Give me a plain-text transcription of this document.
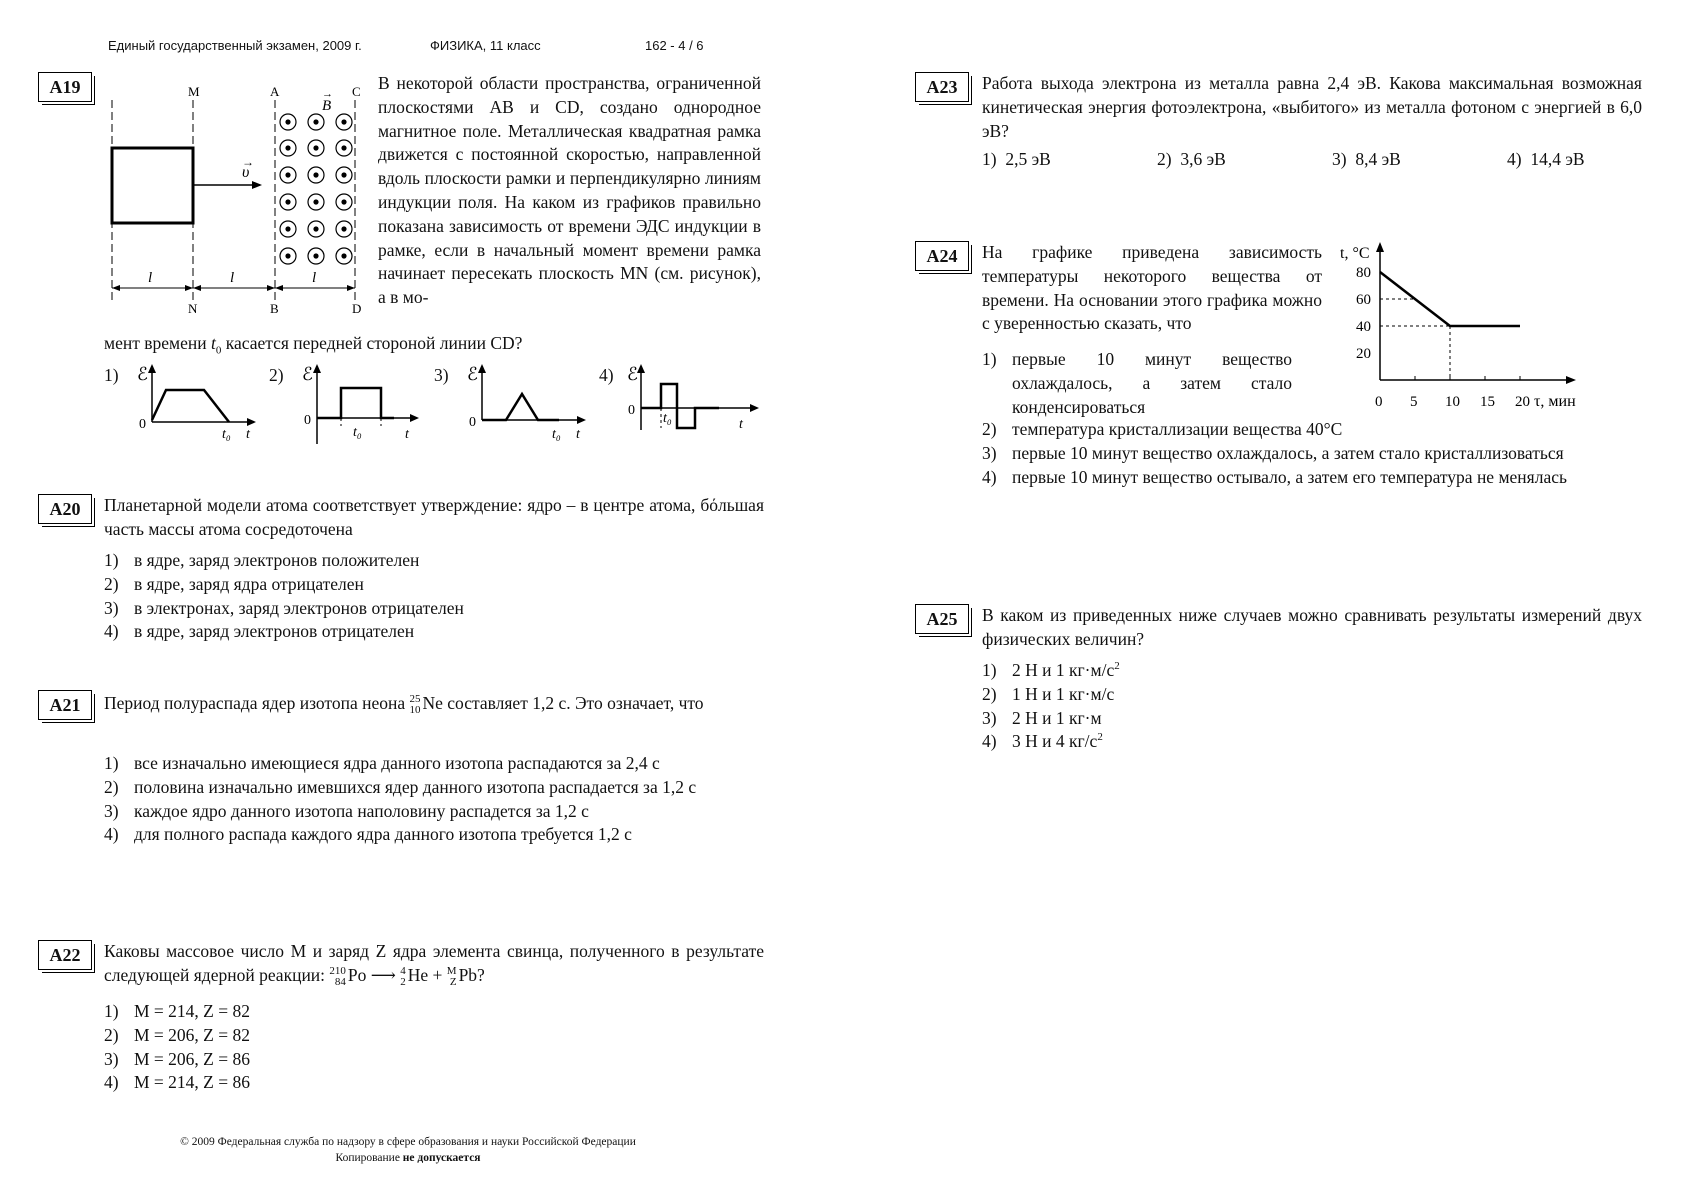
Единый государственный экзамен, 2009 г.	ФИЗИКА, 11 класс	162 - 4 / 6
A19
υ
→
M	A	C
N	B	D
B
→
l	l	l
В некоторой области пространства, ограниченной плоскостями AB и CD, создано однородное магнитное поле. Металлическая квадратная рамка движется с постоянной скоростью, направленной вдоль плоскости рамки и перпендикулярно линиям индукции поля. На каком из графиков правильно показана зависимость от времени ЭДС индукции в рамке, если в начальный момент времени рамка начинает пересекать плоскость MN (см. рисунок), а в мо-
мент времени $t_0$ касается передней стороной линии CD?
1) ℰ
0
t₀ t
2) ℰ
0
t₀	t
3) ℰ
0
t₀ t
4) ℰ
0
t₀	t
A20	Планетарной модели атома соответствует утверждение: ядро – в центре атома, бόльшая часть массы атома сосредоточена
1) в ядре, заряд электронов положителен
2) в ядре, заряд ядра отрицателен
3) в электронах, заряд электронов отрицателен
4) в ядре, заряд электронов отрицателен
A21	Период полураспада ядер изотопа неона 25
10 Ne составляет 1,2 с. Это означает, что
1) все изначально имеющиеся ядра данного изотопа распадаются за 2,4 с
2) половина изначально имевшихся ядер данного изотопа распадается за 1,2 с
3) каждое ядро данного изотопа наполовину распадется за 1,2 с
4) для полного распада каждого ядра данного изотопа требуется 1,2 с
A22	Каковы массовое число M и заряд Z ядра элемента свинца, полученного в результате следующей ядерной реакции: 210
84 Po ⟶ 4
2 He + M
Z Pb?
1) M = 214, Z = 82
2) M = 206, Z = 82
3) M = 206, Z = 86
4) M = 214, Z = 86
A23	Работа выхода электрона из металла равна 2,4 эВ. Какова максимальная возможная кинетическая энергия фотоэлектрона, «выбитого» из металла фотоном с энергией в 6,0 эВ?
1) 2,5 эВ	2) 3,6 эВ	3) 8,4 эВ	4) 14,4 эВ
A24	На графике приведена зависимость температуры некоторого вещества от времени. На основании этого графика можно с уверенностью сказать, что
t, °C
τ, мин
20
40
60
80
0 5 10 15 20
1) первые 10 минут вещество охлаждалось, а затем стало конденсироваться
2) температура кристаллизации вещества 40°С
3) первые 10 минут вещество охлаждалось, а затем стало кристаллизоваться
4) первые 10 минут вещество остывало, а затем его температура не менялась
A25	В каком из приведенных ниже случаев можно сравнивать результаты измерений двух физических величин?
1) 2 Н и 1 $кг\cdot м/с^2$
2) 1 Н и 1 кг·м/с
3) 2 Н и 1 кг·м
4) 3 Н и 4 $кг/с^2$
© 2009 Федеральная служба по надзору в сфере образования и науки Российской Федерации
Копирование не допускается
